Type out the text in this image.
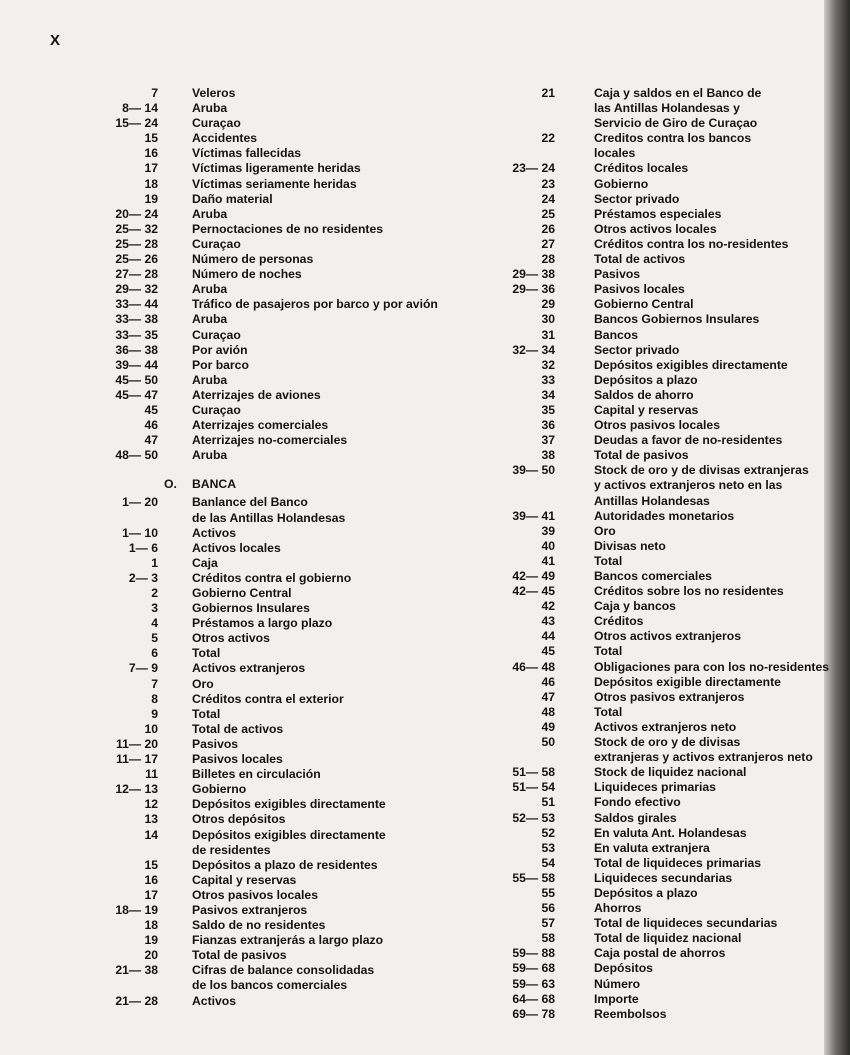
X
7	Veleros
8— 14	Aruba
15— 24	Curaçao
15	Accidentes
16	Víctimas fallecidas
17	Víctimas ligeramente heridas
18	Víctimas seriamente heridas
19	Daño material
20— 24	Aruba
25— 32	Pernoctaciones de no residentes
25— 28	Curaçao
25— 26	Número de personas
27— 28	Número de noches
29— 32	Aruba
33— 44	Tráfico de pasajeros por barco y por avión
33— 38	Aruba
33— 35	Curaçao
36— 38	Por avión
39— 44	Por barco
45— 50	Aruba
45— 47	Aterrizajes de aviones
45	Curaçao
46	Aterrizajes comerciales
47	Aterrizajes no-comerciales
48— 50	Aruba
O. BANCA
1— 20	Banlance del Banco
de las Antillas Holandesas
1— 10	Activos
1— 6	Activos locales
1	Caja
2— 3	Créditos contra el gobierno
2	Gobierno Central
3	Gobiernos Insulares
4	Préstamos a largo plazo
5	Otros activos
6	Total
7— 9	Activos extranjeros
7	Oro
8	Créditos contra el exterior
9	Total
10	Total de activos
11— 20	Pasivos
11— 17	Pasivos locales
11	Billetes en circulación
12— 13	Gobierno
12	Depósitos exigibles directamente
13	Otros depósitos
14	Depósitos exigibles directamente
de residentes
15	Depósitos a plazo de residentes
16	Capital y reservas
17	Otros pasivos locales
18— 19	Pasivos extranjeros
18	Saldo de no residentes
19	Fianzas extranjerás a largo plazo
20	Total de pasivos
21— 38	Cifras de balance consolidadas
de los bancos comerciales
21— 28	Activos
21	Caja y saldos en el Banco de
las Antillas Holandesas y
Servicio de Giro de Curaçao
22	Creditos contra los bancos
locales
23— 24	Créditos locales
23	Gobierno
24	Sector privado
25	Préstamos especiales
26	Otros activos locales
27	Créditos contra los no-residentes
28	Total de activos
29— 38	Pasivos
29— 36	Pasivos locales
29	Gobierno Central
30	Bancos Gobiernos Insulares
31	Bancos
32— 34	Sector privado
32	Depósitos exigibles directamente
33	Depósitos a plazo
34	Saldos de ahorro
35	Capital y reservas
36	Otros pasivos locales
37	Deudas a favor de no-residentes
38	Total de pasivos
39— 50	Stock de oro y de divisas extranjeras
y activos extranjeros neto en las
Antillas Holandesas
39— 41	Autoridades monetarios
39	Oro
40	Divisas neto
41	Total
42— 49	Bancos comerciales
42— 45	Créditos sobre los no residentes
42	Caja y bancos
43	Créditos
44	Otros activos extranjeros
45	Total
46— 48	Obligaciones para con los no-residentes
46	Depósitos exigible directamente
47	Otros pasivos extranjeros
48	Total
49	Activos extranjeros neto
50	Stock de oro y de divisas
extranjeras y activos extranjeros neto
51— 58	Stock de liquidez nacional
51— 54	Liquideces primarias
51	Fondo efectivo
52— 53	Saldos girales
52	En valuta Ant. Holandesas
53	En valuta extranjera
54	Total de liquideces primarias
55— 58	Liquideces secundarias
55	Depósitos a plazo
56	Ahorros
57	Total de liquideces secundarias
58	Total de liquidez nacional
59— 88	Caja postal de ahorros
59— 68	Depósitos
59— 63	Número
64— 68	Importe
69— 78	Reembolsos
